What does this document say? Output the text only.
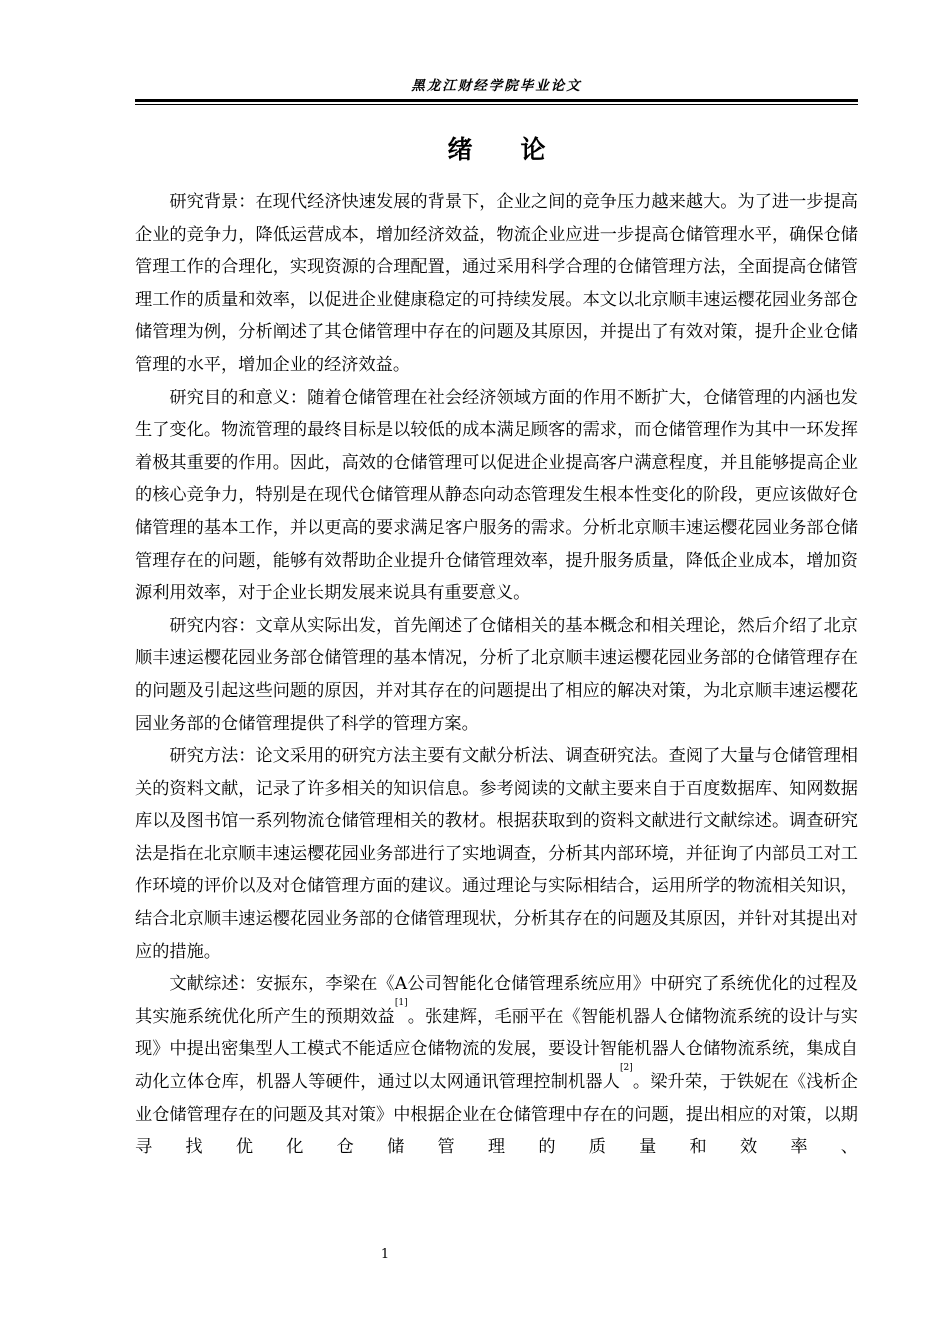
黑龙江财经学院毕业论文
绪论

研究背景：在现代经济快速发展的背景下，企业之间的竞争压力越来越大。为了进一步提高企业的竞争力，降低运营成本，增加经济效益，物流企业应进一步提高仓储管理水平，确保仓储管理工作的合理化，实现资源的合理配置，通过采用科学合理的仓储管理方法，全面提高仓储管理工作的质量和效率，以促进企业健康稳定的可持续发展。本文以北京顺丰速运樱花园业务部仓储管理为例，分析阐述了其仓储管理中存在的问题及其原因，并提出了有效对策，提升企业仓储管理的水平，增加企业的经济效益。

研究目的和意义：随着仓储管理在社会经济领域方面的作用不断扩大，仓储管理的内涵也发生了变化。物流管理的最终目标是以较低的成本满足顾客的需求，而仓储管理作为其中一环发挥着极其重要的作用。因此，高效的仓储管理可以促进企业提高客户满意程度，并且能够提高企业的核心竞争力，特别是在现代仓储管理从静态向动态管理发生根本性变化的阶段，更应该做好仓储管理的基本工作，并以更高的要求满足客户服务的需求。分析北京顺丰速运樱花园业务部仓储管理存在的问题，能够有效帮助企业提升仓储管理效率，提升服务质量，降低企业成本，增加资源利用效率，对于企业长期发展来说具有重要意义。

研究内容：文章从实际出发，首先阐述了仓储相关的基本概念和相关理论，然后介绍了北京顺丰速运樱花园业务部仓储管理的基本情况，分析了北京顺丰速运樱花园业务部的仓储管理存在的问题及引起这些问题的原因，并对其存在的问题提出了相应的解决对策，为北京顺丰速运樱花园业务部的仓储管理提供了科学的管理方案。

研究方法：论文采用的研究方法主要有文献分析法、调查研究法。查阅了大量与仓储管理相关的资料文献，记录了许多相关的知识信息。参考阅读的文献主要来自于百度数据库、知网数据库以及图书馆一系列物流仓储管理相关的教材。根据获取到的资料文献进行文献综述。调查研究法是指在北京顺丰速运樱花园业务部进行了实地调查，分析其内部环境，并征询了内部员工对工作环境的评价以及对仓储管理方面的建议。通过理论与实际相结合，运用所学的物流相关知识，结合北京顺丰速运樱花园业务部的仓储管理现状，分析其存在的问题及其原因，并针对其提出对应的措施。

文献综述：安振东，李梁在《A公司智能化仓储管理系统应用》中研究了系统优化的过程及其实施系统优化所产生的预期效益[1]。张建辉，毛丽平在《智能机器人仓储物流系统的设计与实现》中提出密集型人工模式不能适应仓储物流的发展，要设计智能机器人仓储物流系统，集成自动化立体仓库，机器人等硬件，通过以太网通讯管理控制机器人[2]。梁升荣，于铁妮在《浅析企业仓储管理存在的问题及其对策》中根据企业在仓储管理中存在的问题，提出相应的对策，以期寻找优化仓储管理的质量和效率、

1
